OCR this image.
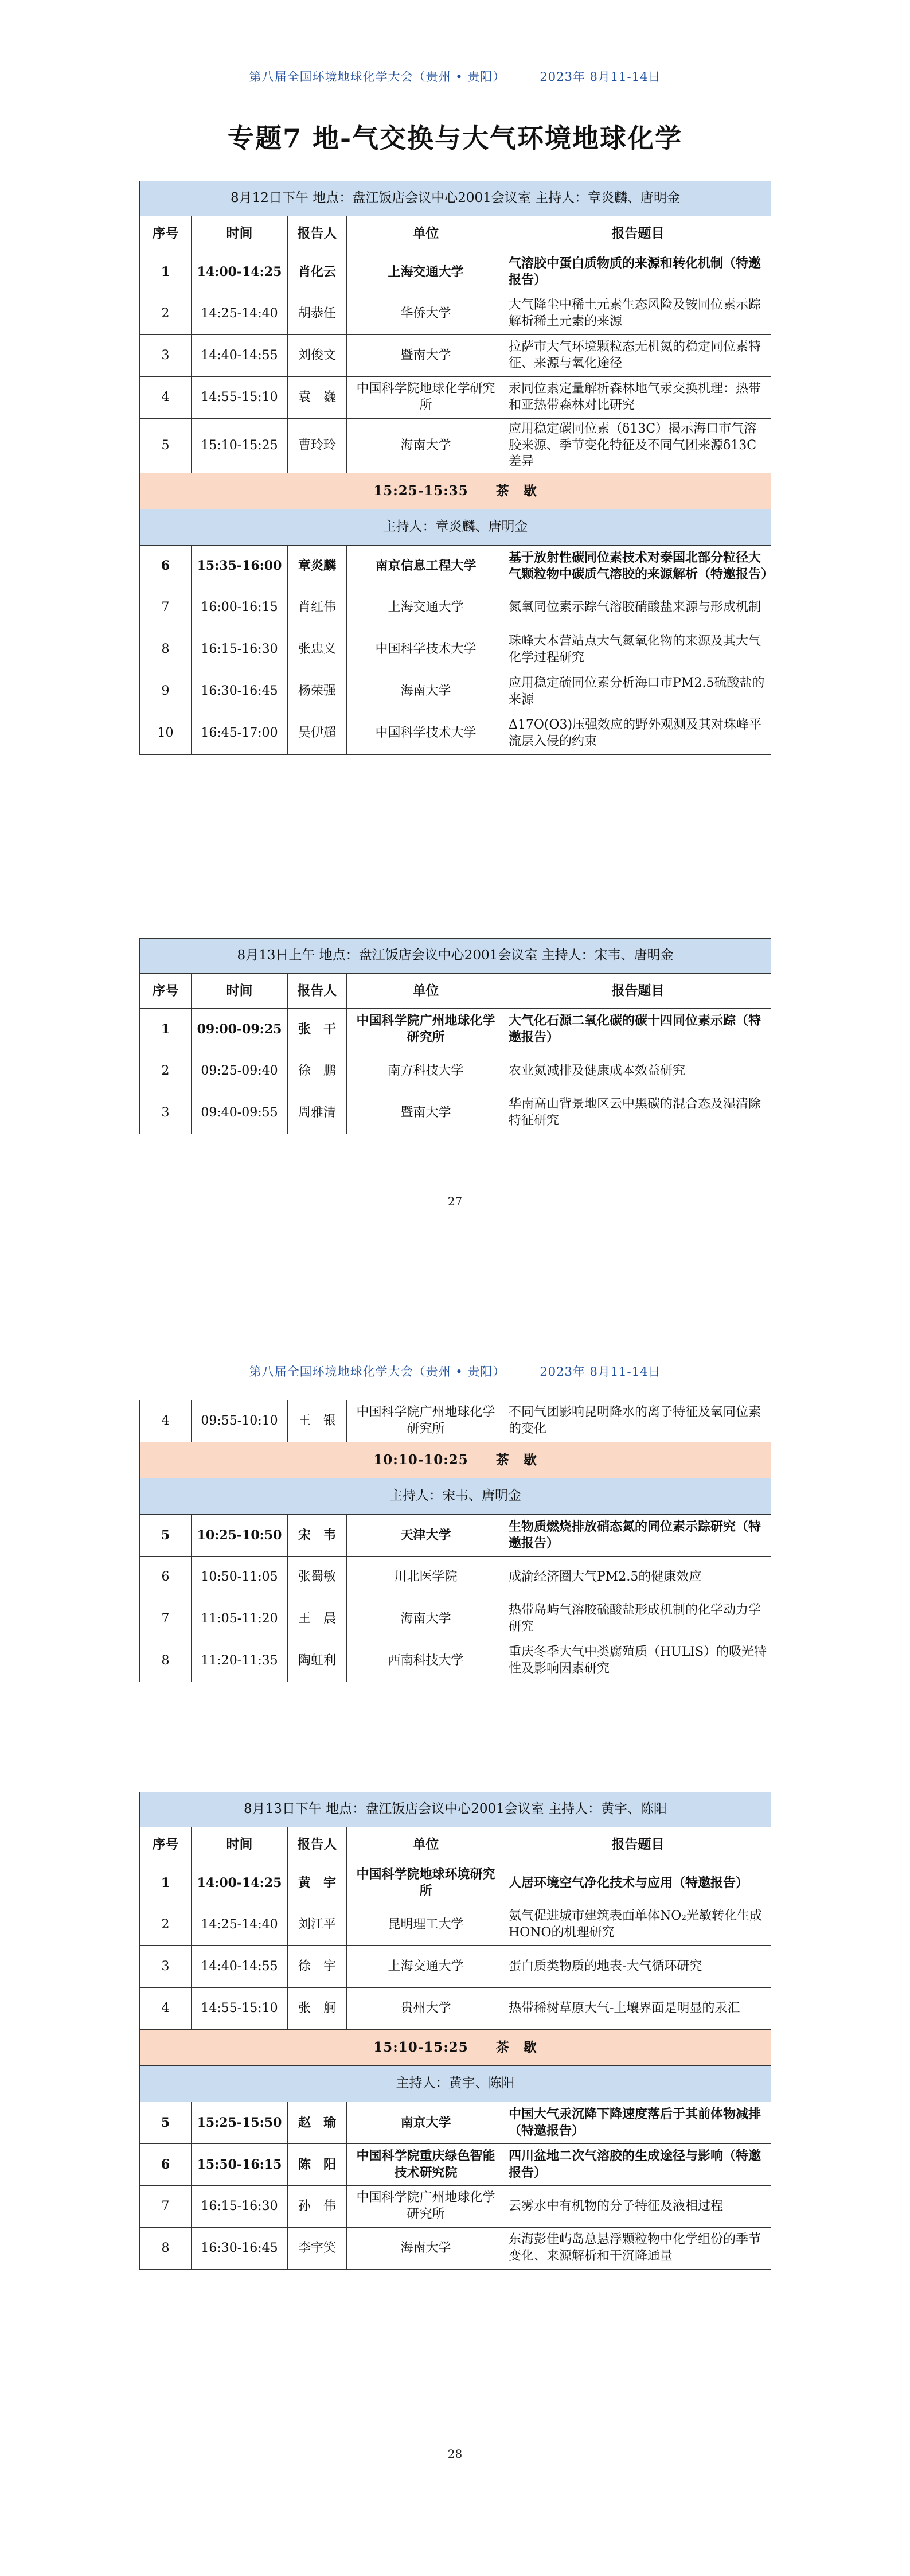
第八届全国环境地球化学大会（贵州 • 贵阳）	2023年 8月11-14日
专题7 地-气交换与大气环境地球化学
8月12日下午 地点：盘江饭店会议中心2001会议室 主持人：章炎麟、唐明金				
序号	时间	报告人	单位	报告题目
1	14:00-14:25	肖化云	上海交通大学	气溶胶中蛋白质物质的来源和转化机制（特邀报告）
2	14:25-14:40	胡恭任	华侨大学	大气降尘中稀土元素生态风险及铵同位素示踪解析稀土元素的来源
3	14:40-14:55	刘俊文	暨南大学	拉萨市大气环境颗粒态无机氮的稳定同位素特征、来源与氧化途径
4	14:55-15:10	袁　巍	中国科学院地球化学研究所	汞同位素定量解析森林地气汞交换机理：热带和亚热带森林对比研究
5	15:10-15:25	曹玲玲	海南大学	应用稳定碳同位素（δ13C）揭示海口市气溶胶来源、季节变化特征及不同气团来源δ13C差异
15:25-15:35 茶　歇				
主持人：章炎麟、唐明金				
6	15:35-16:00	章炎麟	南京信息工程大学	基于放射性碳同位素技术对泰国北部分粒径大气颗粒物中碳质气溶胶的来源解析（特邀报告）
7	16:00-16:15	肖红伟	上海交通大学	氮氧同位素示踪气溶胶硝酸盐来源与形成机制
8	16:15-16:30	张忠义	中国科学技术大学	珠峰大本营站点大气氮氧化物的来源及其大气化学过程研究
9	16:30-16:45	杨荣强	海南大学	应用稳定硫同位素分析海口市PM2.5硫酸盐的来源
10	16:45-17:00	吴伊超	中国科学技术大学	Δ17O(O3)压强效应的野外观测及其对珠峰平流层入侵的约束
8月13日上午 地点：盘江饭店会议中心2001会议室 主持人：宋韦、唐明金				
序号	时间	报告人	单位	报告题目
1	09:00-09:25	张　干	中国科学院广州地球化学研究所	大气化石源二氧化碳的碳十四同位素示踪（特邀报告）
2	09:25-09:40	徐　鹏	南方科技大学	农业氮减排及健康成本效益研究
3	09:40-09:55	周雅清	暨南大学	华南高山背景地区云中黑碳的混合态及湿清除特征研究
27
第八届全国环境地球化学大会（贵州 • 贵阳）	2023年 8月11-14日
4	09:55-10:10	王　银	中国科学院广州地球化学研究所	不同气团影响昆明降水的离子特征及氧同位素的变化
10:10-10:25 茶　歇				
主持人：宋韦、唐明金				
5	10:25-10:50	宋　韦	天津大学	生物质燃烧排放硝态氮的同位素示踪研究（特邀报告）
6	10:50-11:05	张蜀敏	川北医学院	成渝经济圈大气PM2.5的健康效应
7	11:05-11:20	王　晨	海南大学	热带岛屿气溶胶硫酸盐形成机制的化学动力学研究
8	11:20-11:35	陶虹利	西南科技大学	重庆冬季大气中类腐殖质（HULIS）的吸光特性及影响因素研究
8月13日下午 地点：盘江饭店会议中心2001会议室 主持人：黄宇、陈阳				
序号	时间	报告人	单位	报告题目
1	14:00-14:25	黄　宇	中国科学院地球环境研究所	人居环境空气净化技术与应用（特邀报告）
2	14:25-14:40	刘江平	昆明理工大学	氨气促进城市建筑表面单体NO₂光敏转化生成HONO的机理研究
3	14:40-14:55	徐　宇	上海交通大学	蛋白质类物质的地表-大气循环研究
4	14:55-15:10	张　舸	贵州大学	热带稀树草原大气-土壤界面是明显的汞汇
15:10-15:25 茶　歇				
主持人：黄宇、陈阳				
5	15:25-15:50	赵　瑜	南京大学	中国大气汞沉降下降速度落后于其前体物减排（特邀报告）
6	15:50-16:15	陈　阳	中国科学院重庆绿色智能技术研究院	四川盆地二次气溶胶的生成途径与影响（特邀报告）
7	16:15-16:30	孙　伟	中国科学院广州地球化学研究所	云雾水中有机物的分子特征及液相过程
8	16:30-16:45	李宇笑	海南大学	东海彭佳屿岛总悬浮颗粒物中化学组份的季节变化、来源解析和干沉降通量
28
